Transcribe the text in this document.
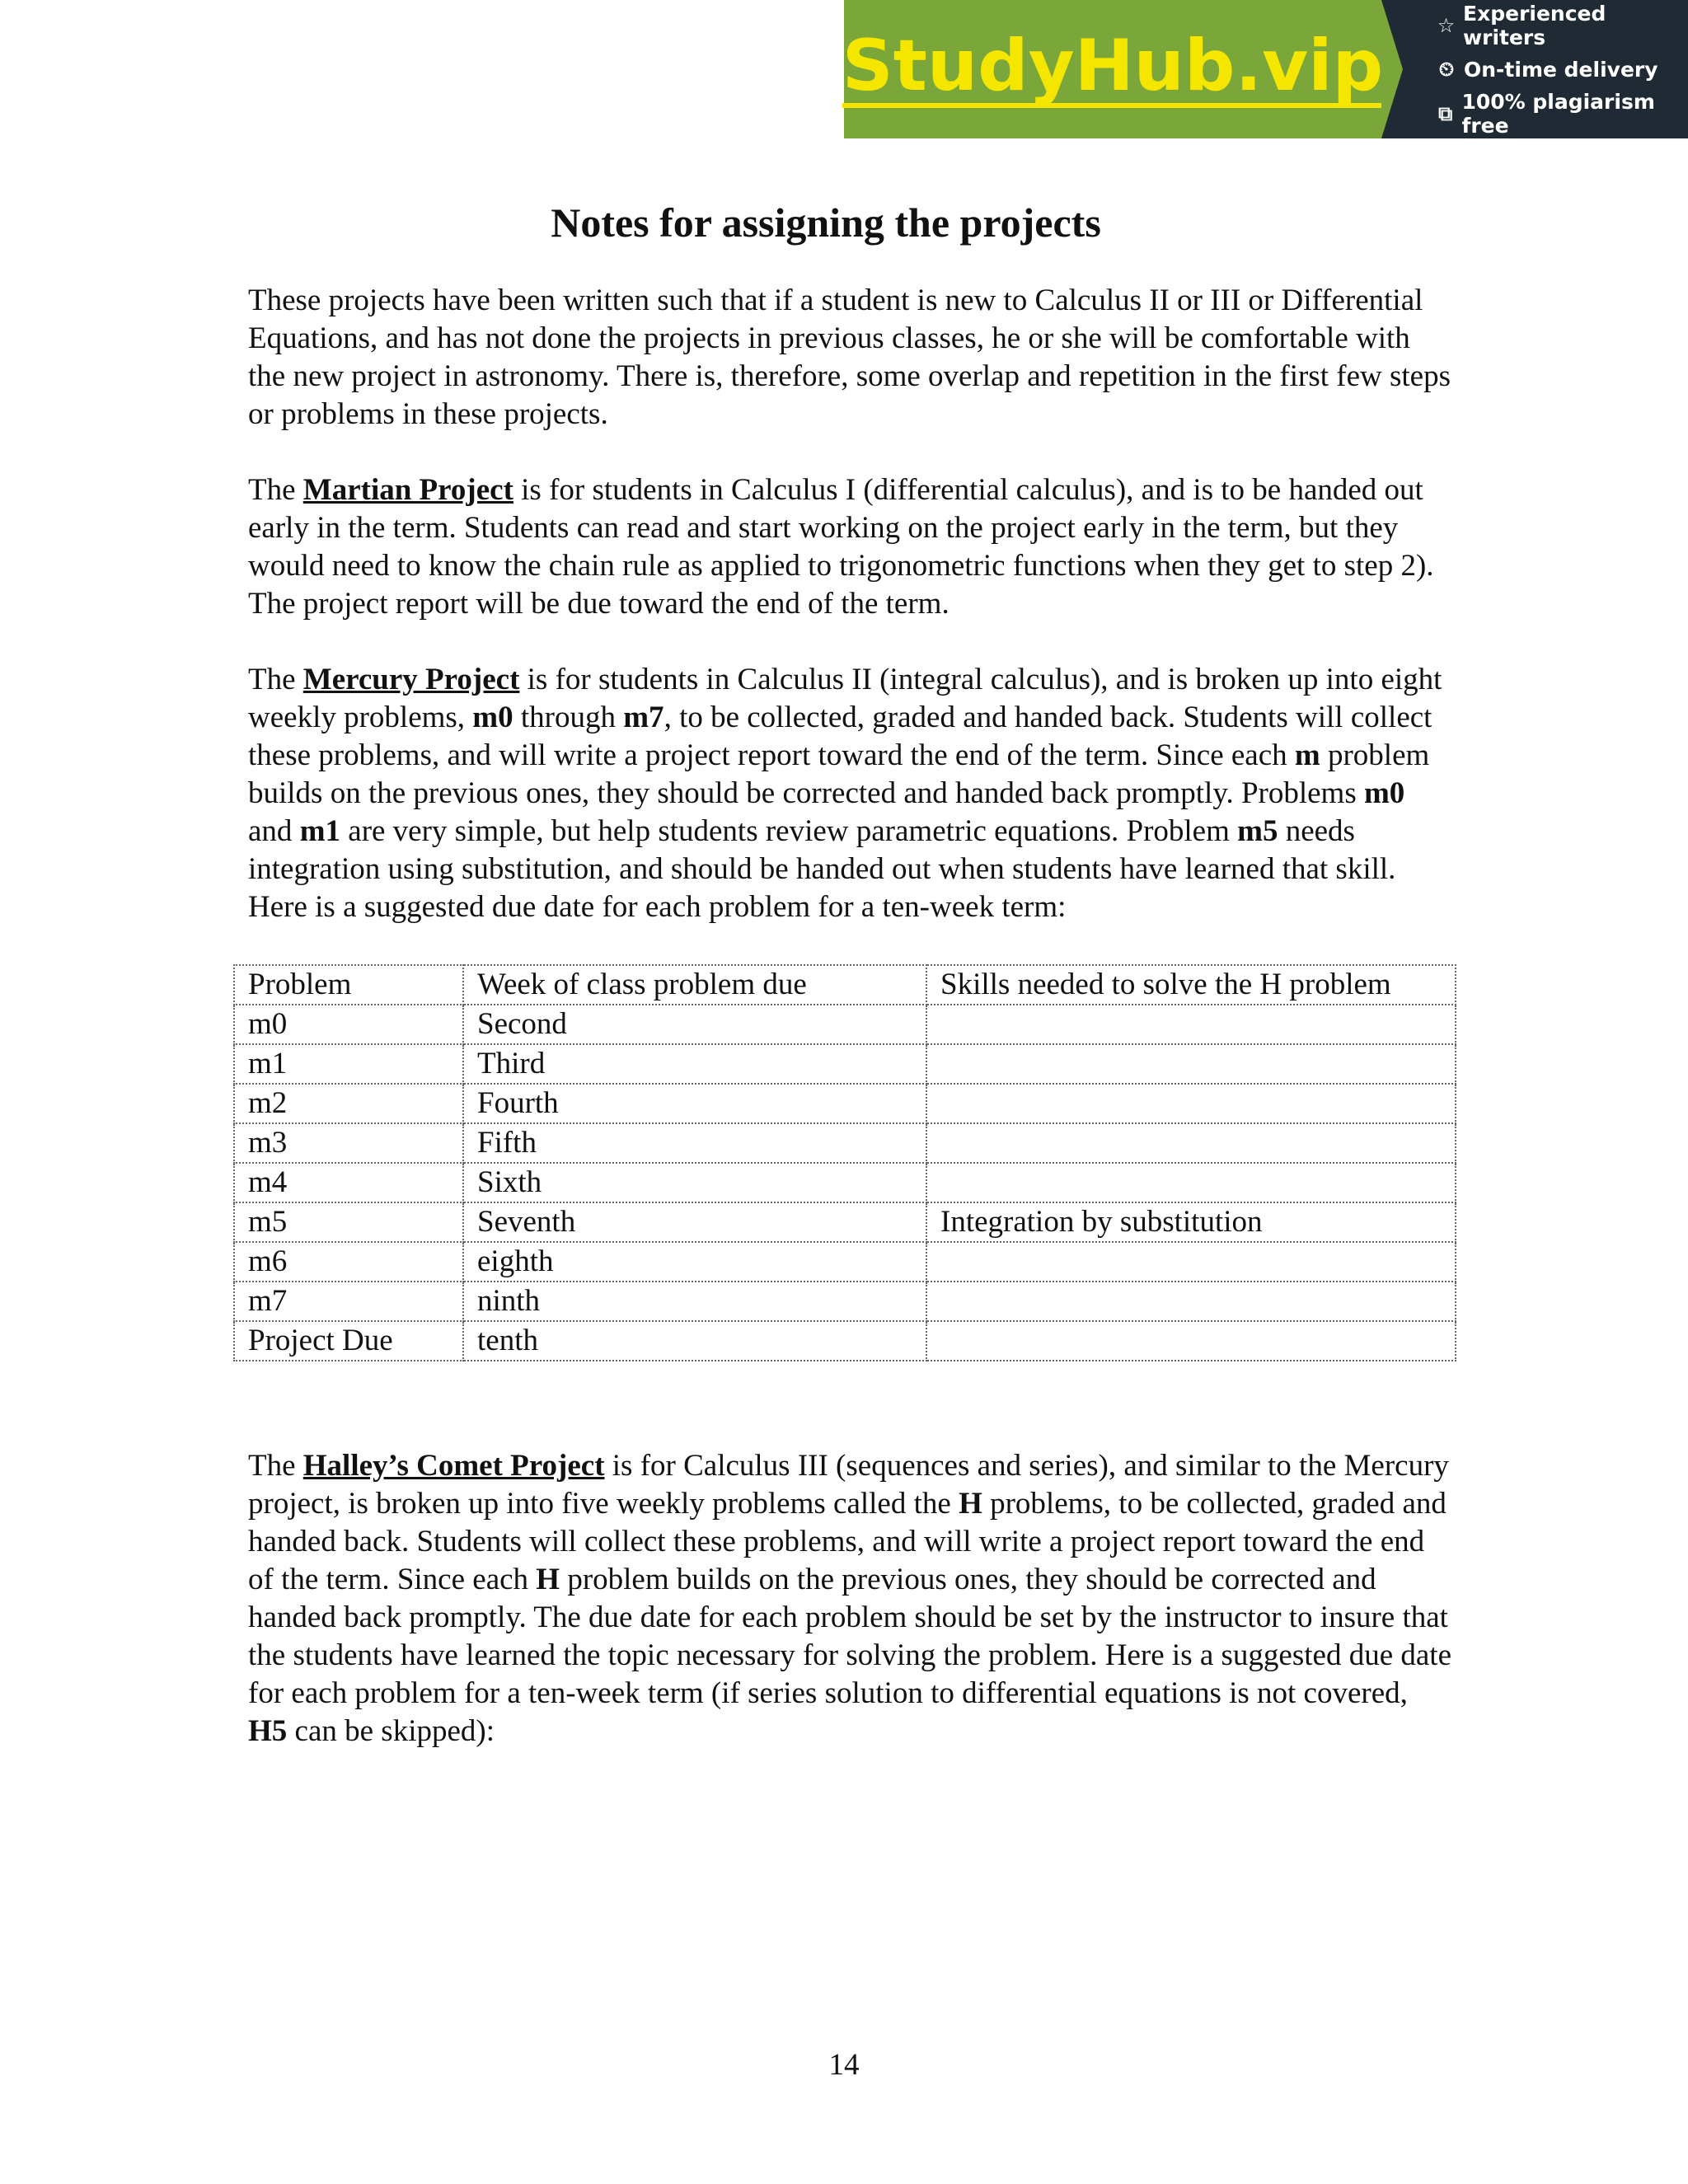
StudyHub.vip	☆ Experienced writers
⏲ On-time delivery
⧉ 100% plagiarism free
Notes for assigning the projects

These projects have been written such that if a student is new to Calculus II or III or Differential Equations, and has not done the projects in previous classes, he or she will be comfortable with the new project in astronomy. There is, therefore, some overlap and repetition in the first few steps or problems in these projects.

The Martian Project is for students in Calculus I (differential calculus), and is to be handed out early in the term. Students can read and start working on the project early in the term, but they would need to know the chain rule as applied to trigonometric functions when they get to step 2). The project report will be due toward the end of the term.

The Mercury Project is for students in Calculus II (integral calculus), and is broken up into eight weekly problems, m0 through m7, to be collected, graded and handed back. Students will collect these problems, and will write a project report toward the end of the term. Since each m problem builds on the previous ones, they should be corrected and handed back promptly. Problems m0 and m1 are very simple, but help students review parametric equations. Problem m5 needs integration using substitution, and should be handed out when students have learned that skill. Here is a suggested due date for each problem for a ten-week term:

Problem	Week of class problem due	Skills needed to solve the H problem
m0	Second	
m1	Third	
m2	Fourth	
m3	Fifth	
m4	Sixth	
m5	Seventh	Integration by substitution
m6	eighth	
m7	ninth	
Project Due	tenth	

The Halley’s Comet Project is for Calculus III (sequences and series), and similar to the Mercury project, is broken up into five weekly problems called the H problems, to be collected, graded and handed back. Students will collect these problems, and will write a project report toward the end of the term. Since each H problem builds on the previous ones, they should be corrected and handed back promptly. The due date for each problem should be set by the instructor to insure that the students have learned the topic necessary for solving the problem. Here is a suggested due date for each problem for a ten-week term (if series solution to differential equations is not covered, H5 can be skipped):

14
